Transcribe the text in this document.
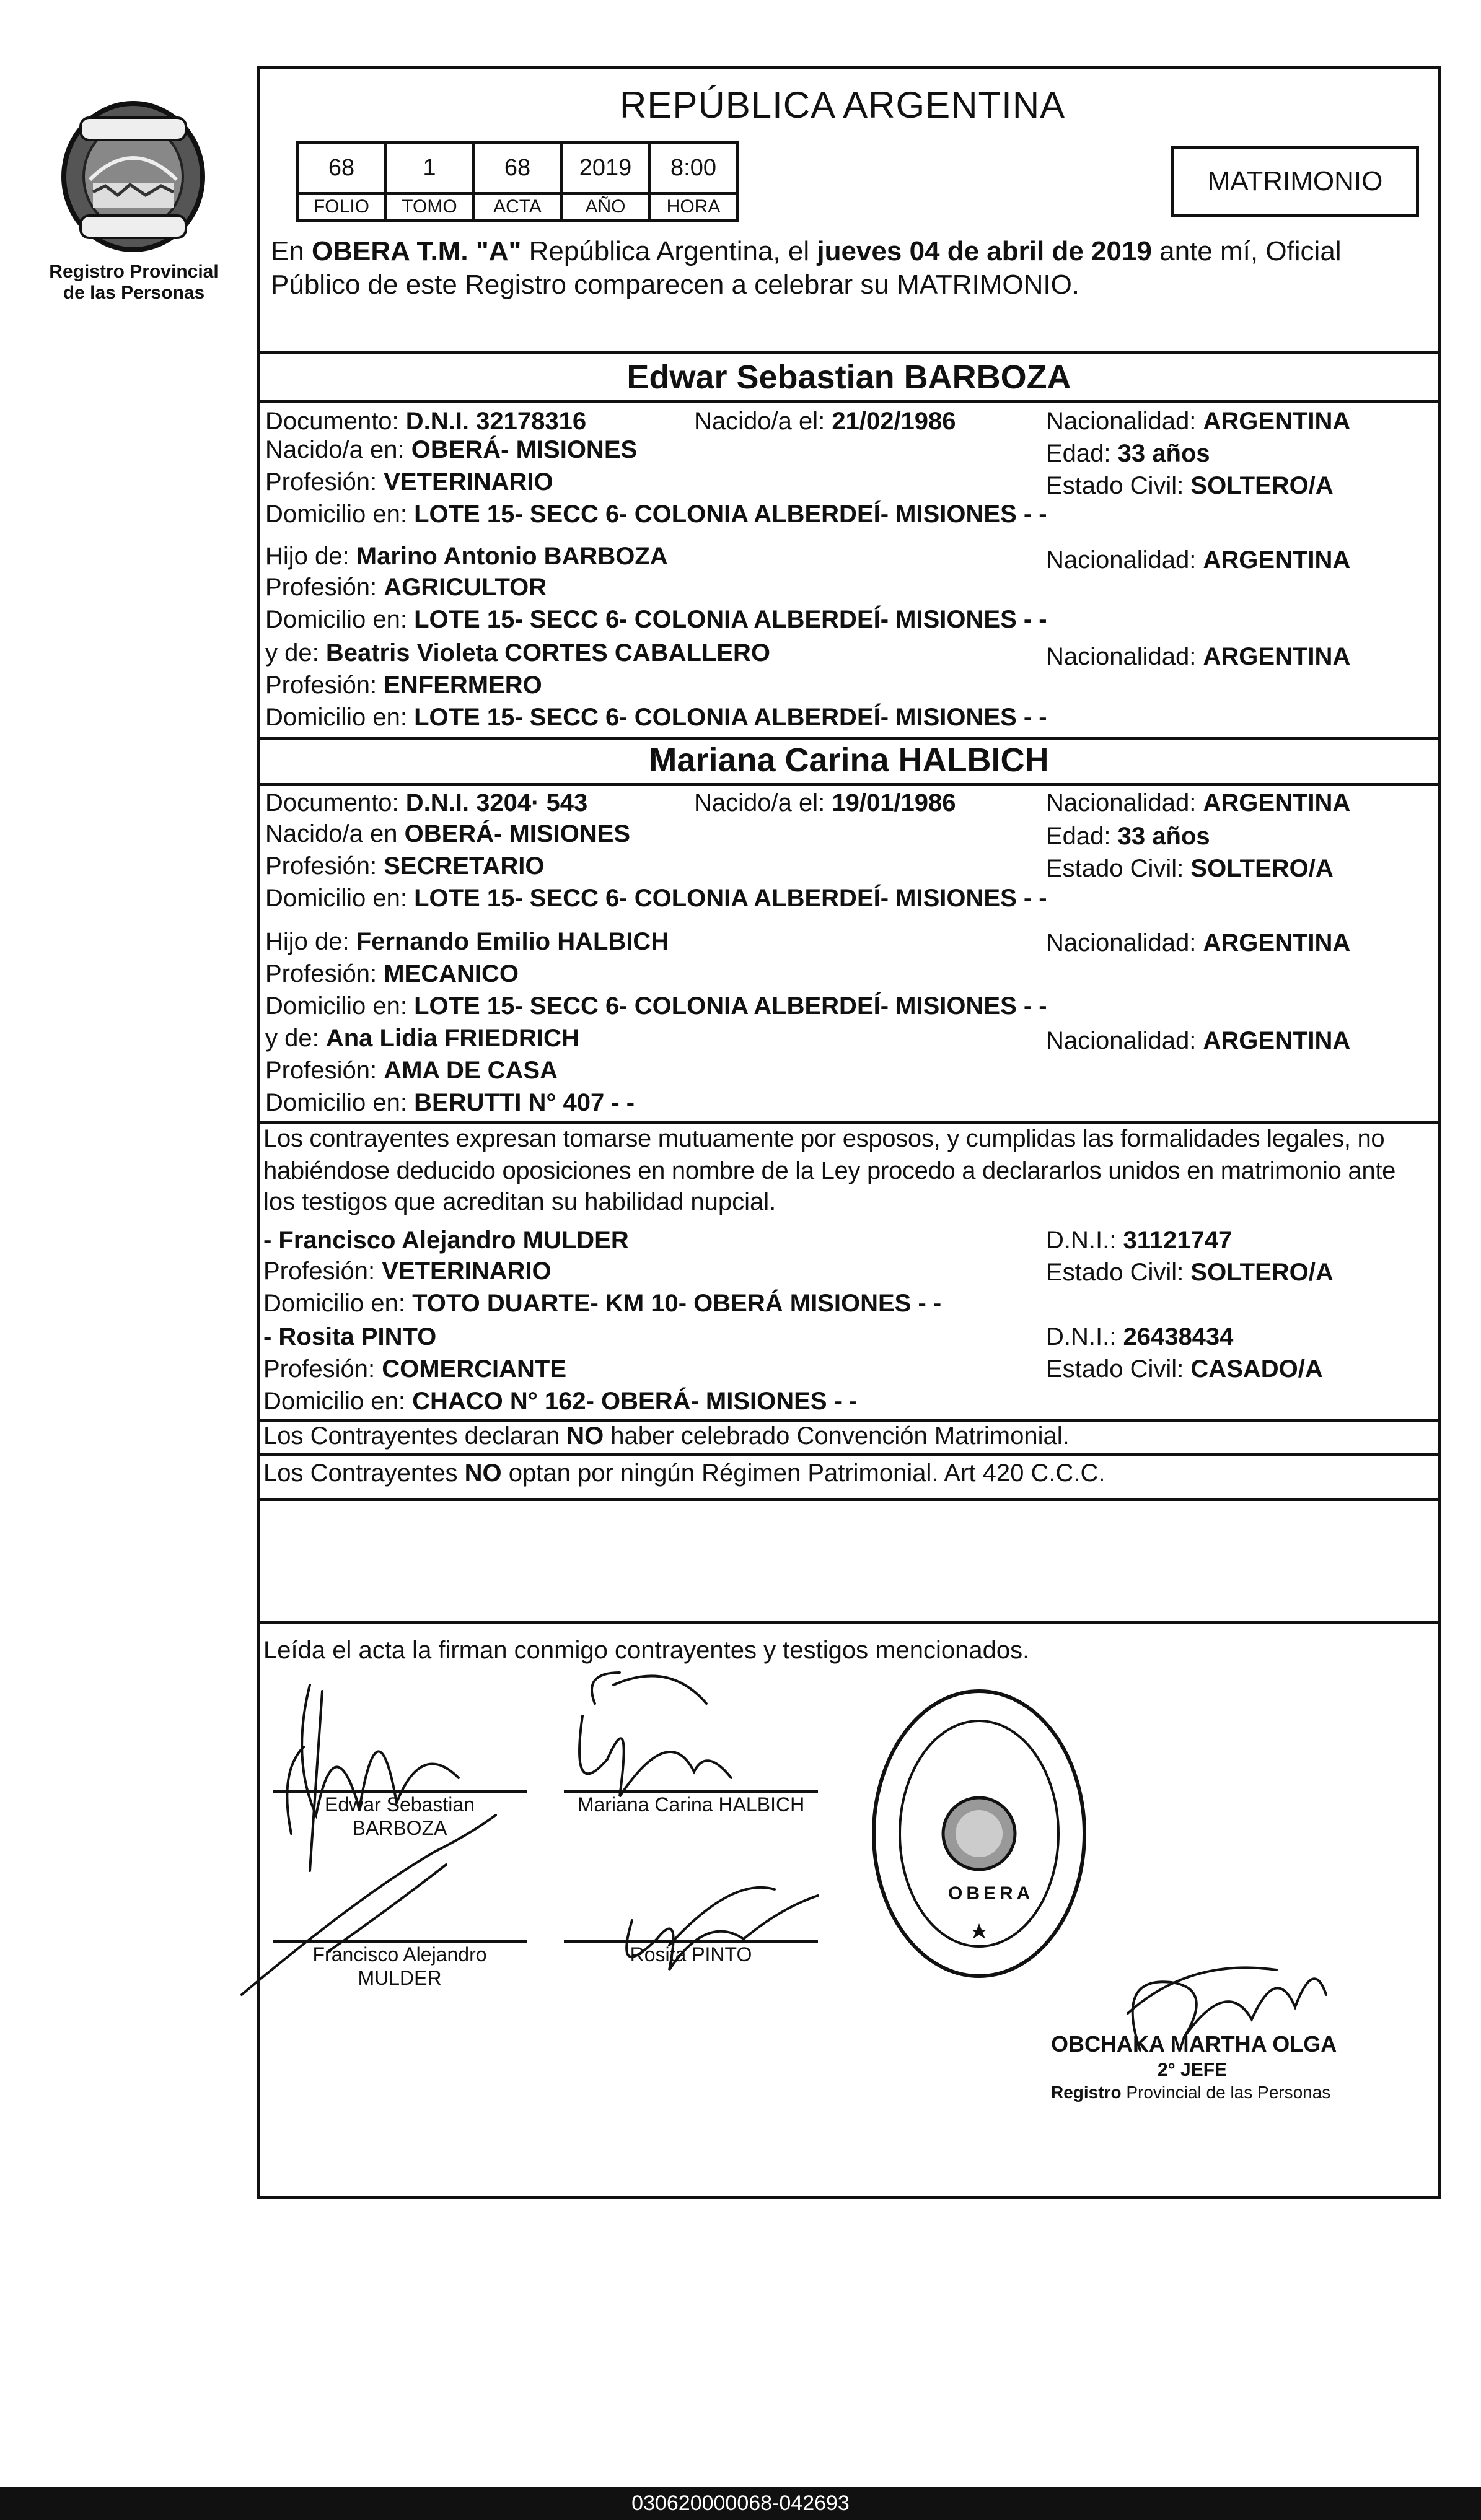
Registro Provincial
de las Personas
REPÚBLICA ARGENTINA
68	1	68	2019	8:00
FOLIO	TOMO	ACTA	AÑO	HORA
MATRIMONIO
En OBERA T.M. "A" República Argentina, el jueves 04 de abril de 2019 ante mí, Oficial
Público de este Registro comparecen a celebrar su MATRIMONIO.
Edwar Sebastian BARBOZA
Documento: D.N.I. 32178316	Nacido/a el: 21/02/1986	Nacionalidad: ARGENTINA
Nacido/a en: OBERÁ- MISIONES	Edad: 33 años
Profesión: VETERINARIO	Estado Civil: SOLTERO/A
Domicilio en: LOTE 15- SECC 6- COLONIA ALBERDEÍ- MISIONES - -
Hijo de: Marino Antonio BARBOZA	Nacionalidad: ARGENTINA
Profesión: AGRICULTOR
Domicilio en: LOTE 15- SECC 6- COLONIA ALBERDEÍ- MISIONES - -
y de: Beatris Violeta CORTES CABALLERO	Nacionalidad: ARGENTINA
Profesión: ENFERMERO
Domicilio en: LOTE 15- SECC 6- COLONIA ALBERDEÍ- MISIONES - -
Mariana Carina HALBICH
Documento: D.N.I. 3204· 543	Nacido/a el: 19/01/1986	Nacionalidad: ARGENTINA
Nacido/a en OBERÁ- MISIONES	Edad: 33 años
Profesión: SECRETARIO	Estado Civil: SOLTERO/A
Domicilio en: LOTE 15- SECC 6- COLONIA ALBERDEÍ- MISIONES - -
Hijo de: Fernando Emilio HALBICH	Nacionalidad: ARGENTINA
Profesión: MECANICO
Domicilio en: LOTE 15- SECC 6- COLONIA ALBERDEÍ- MISIONES - -
y de: Ana Lidia FRIEDRICH	Nacionalidad: ARGENTINA
Profesión: AMA DE CASA
Domicilio en: BERUTTI N° 407 - -
Los contrayentes expresan tomarse mutuamente por esposos, y cumplidas las formalidades legales, no
habiéndose deducido oposiciones en nombre de la Ley procedo a declararlos unidos en matrimonio ante
los testigos que acreditan su habilidad nupcial.
- Francisco Alejandro MULDER	D.N.I.: 31121747
Profesión: VETERINARIO	Estado Civil: SOLTERO/A
Domicilio en: TOTO DUARTE- KM 10- OBERÁ MISIONES - -
- Rosita PINTO	D.N.I.: 26438434
Profesión: COMERCIANTE	Estado Civil: CASADO/A
Domicilio en: CHACO N° 162- OBERÁ- MISIONES - -
Los Contrayentes declaran NO haber celebrado Convención Matrimonial.
Los Contrayentes NO optan por ningún Régimen Patrimonial. Art 420 C.C.C.
Leída el acta la firman conmigo contrayentes y testigos mencionados.
Edwar Sebastian
BARBOZA
Mariana Carina HALBICH
Francisco Alejandro
MULDER
Rosita PINTO
OBERA
OBCHAKA MARTHA OLGA
2° JEFE
Registro Provincial de las Personas
030620000068-042693
